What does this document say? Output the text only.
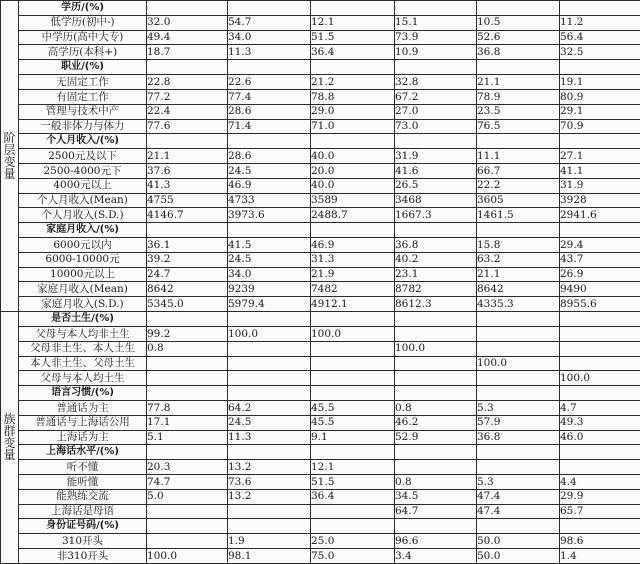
阶
层
变
量	学历/(%)						
	低学历(初中-)	32.0	54.7	12.1	15.1	10.5	11.2
	中学历(高中大专)	49.4	34.0	51.5	73.9	52.6	56.4
	高学历(本科+)	18.7	11.3	36.4	10.9	36.8	32.5
	职业/(%)						
	无固定工作	22.8	22.6	21.2	32.8	21.1	19.1
	有固定工作	77.2	77.4	78.8	67.2	78.9	80.9
	管理与技术中产	22.4	28.6	29.0	27.0	23.5	29.1
	一般非体力与体力	77.6	71.4	71.0	73.0	76.5	70.9
	个人月收入/(%)						
	2500元及以下	21.1	28.6	40.0	31.9	11.1	27.1
	2500-4000元下	37.6	24.5	20.0	41.6	66.7	41.1
	4000元以上	41.3	46.9	40.0	26.5	22.2	31.9
	个人月收入(Mean)	4755	4733	3589	3468	3605	3928
	个人月收入(S.D.)	4146.7	3973.6	2488.7	1667.3	1461.5	2941.6
	家庭月收入/(%)						
	6000元以内	36.1	41.5	46.9	36.8	15.8	29.4
	6000-10000元	39.2	24.5	31.3	40.2	63.2	43.7
	10000元以上	24.7	34.0	21.9	23.1	21.1	26.9
	家庭月收入(Mean)	8642	9239	7482	8782	8642	9490
	家庭月收入(S.D.)	5345.0	5979.4	4912.1	8612.3	4335.3	8955.6

族
群
变
量	是否土生/(%)						
	父母与本人均非土生	99.2	100.0	100.0			
	父母非土生、本人土生	0.8			100.0		
	本人非土生、父母土生					100.0	
	父母与本人均土生						100.0
	语言习惯/(%)						
	普通话为主	77.8	64.2	45.5	0.8	5.3	4.7
	普通话与上海话公用	17.1	24.5	45.5	46.2	57.9	49.3
	上海话为主	5.1	11.3	9.1	52.9	36.8	46.0
	上海话水平/(%)						
	听不懂	20.3	13.2	12.1			
	能听懂	74.7	73.6	51.5	0.8	5.3	4.4
	能熟练交流	5.0	13.2	36.4	34.5	47.4	29.9
	上海话是母语				64.7	47.4	65.7
	身份证号码/(%)						
	310开头		1.9	25.0	96.6	50.0	98.6
	非310开头	100.0	98.1	75.0	3.4	50.0	1.4
